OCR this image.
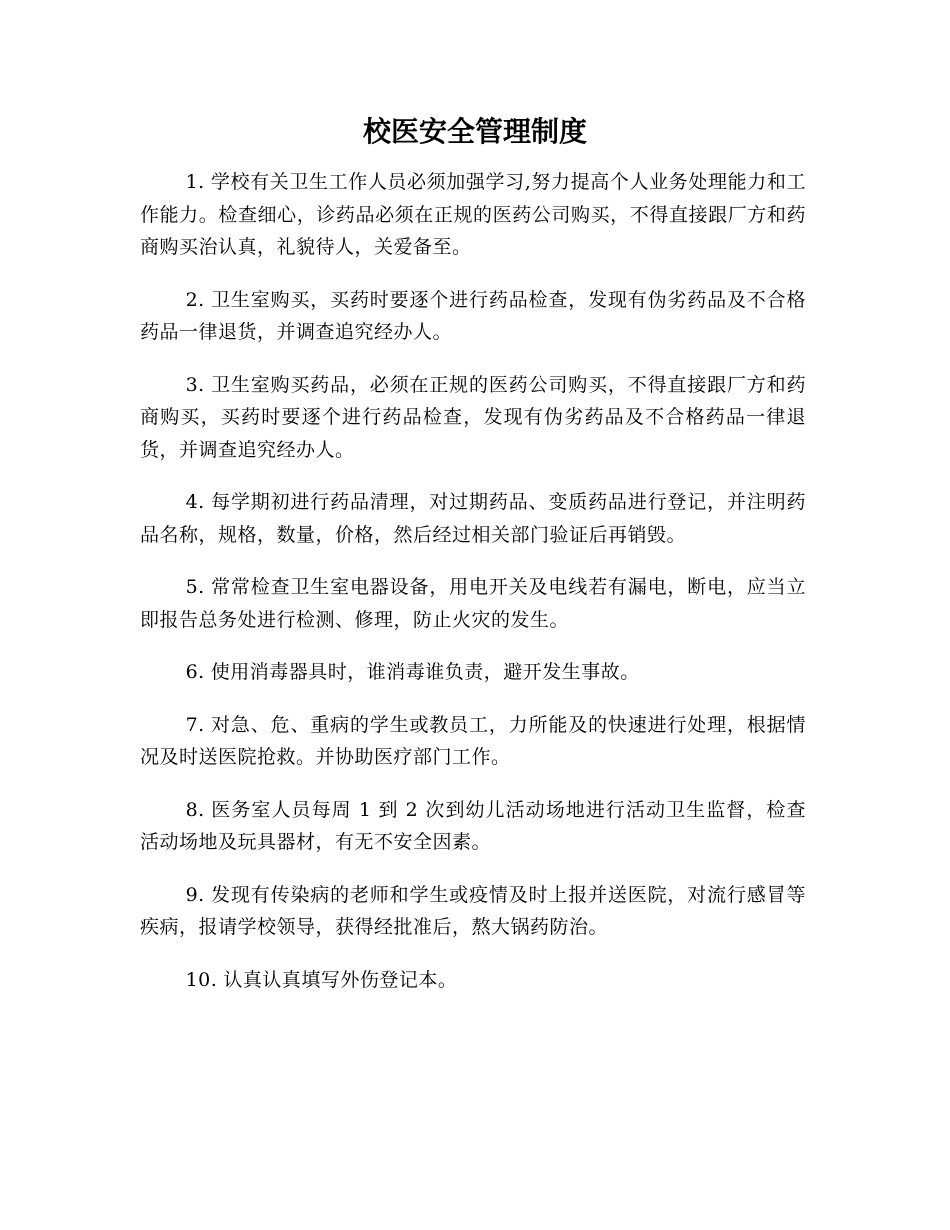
校医安全管理制度

1. 学校有关卫生工作人员必须加强学习,努力提高个人业务处理能力和工作能力。检查细心，诊药品必须在正规的医药公司购买，不得直接跟厂方和药商购买治认真，礼貌待人，关爱备至。

2. 卫生室购买，买药时要逐个进行药品检查，发现有伪劣药品及不合格药品一律退货，并调查追究经办人。

3. 卫生室购买药品，必须在正规的医药公司购买，不得直接跟厂方和药商购买，买药时要逐个进行药品检查，发现有伪劣药品及不合格药品一律退货，并调查追究经办人。

4. 每学期初进行药品清理，对过期药品、变质药品进行登记，并注明药品名称，规格，数量，价格，然后经过相关部门验证后再销毁。

5. 常常检查卫生室电器设备，用电开关及电线若有漏电，断电，应当立即报告总务处进行检测、修理，防止火灾的发生。

6. 使用消毒器具时，谁消毒谁负责，避开发生事故。

7. 对急、危、重病的学生或教员工，力所能及的快速进行处理，根据情况及时送医院抢救。并协助医疗部门工作。

8. 医务室人员每周 1 到 2 次到幼儿活动场地进行活动卫生监督，检查活动场地及玩具器材，有无不安全因素。

9. 发现有传染病的老师和学生或疫情及时上报并送医院，对流行感冒等疾病，报请学校领导，获得经批准后，熬大锅药防治。

10. 认真认真填写外伤登记本。
